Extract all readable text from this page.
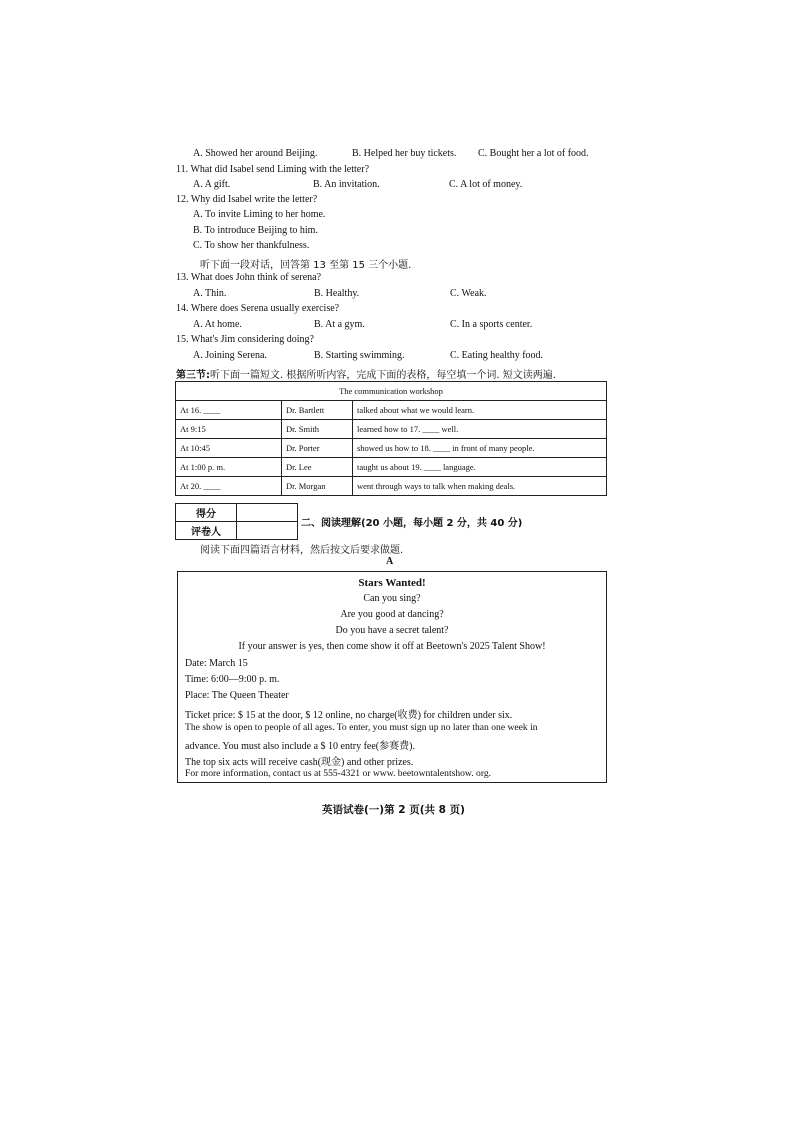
A. Showed her around Beijing.	B. Helped her buy tickets. C. Bought her a lot of food.
11. What did Isabel send Liming with the letter?
A. A gift.	B. An invitation.	C. A lot of money.
12. Why did Isabel write the letter?
A. To invite Liming to her home.
B. To introduce Beijing to him.
C. To show her thankfulness.
听下面一段对话，回答第 13 至第 15 三个小题.
13. What does John think of serena?
A. Thin.	B. Healthy.	C. Weak.
14. Where does Serena usually exercise?
A. At home.	B. At a gym.	C. In a sports center.
15. What's Jim considering doing?
A. Joining Serena.	B. Starting swimming.	C. Eating healthy food.
第三节:听下面一篇短文. 根据所听内容，完成下面的表格，每空填一个词. 短文读两遍.
The communication workshop		
At 16. ____	Dr. Bartlett	talked about what we would learn.
At 9:15	Dr. Smith	learned how to 17. ____ well.
At 10:45	Dr. Porter	showed us how to 18. ____ in front of many people.
At 1:00 p. m.	Dr. Lee	taught us about 19. ____ language.
At 20. ____	Dr. Morgan	went through ways to talk when making deals.
得分	
评卷人	
二、阅读理解(20 小题，每小题 2 分，共 40 分)
阅读下面四篇语言材料，然后按文后要求做题.
A
Stars Wanted!
Can you sing?
Are you good at dancing?
Do you have a secret talent?
If your answer is yes, then come show it off at Beetown's 2025 Talent Show!
Date: March 15
Time: 6:00—9:00 p. m.
Place: The Queen Theater
Ticket price: $ 15 at the door, $ 12 online, no charge(收费) for children under six.
The show is open to people of all ages. To enter, you must sign up no later than one week in
advance. You must also include a $ 10 entry fee(参赛费).
The top six acts will receive cash(现金) and other prizes.
For more information, contact us at 555-4321 or www. beetowntalentshow. org.
英语试卷(一)第 2 页(共 8 页)
